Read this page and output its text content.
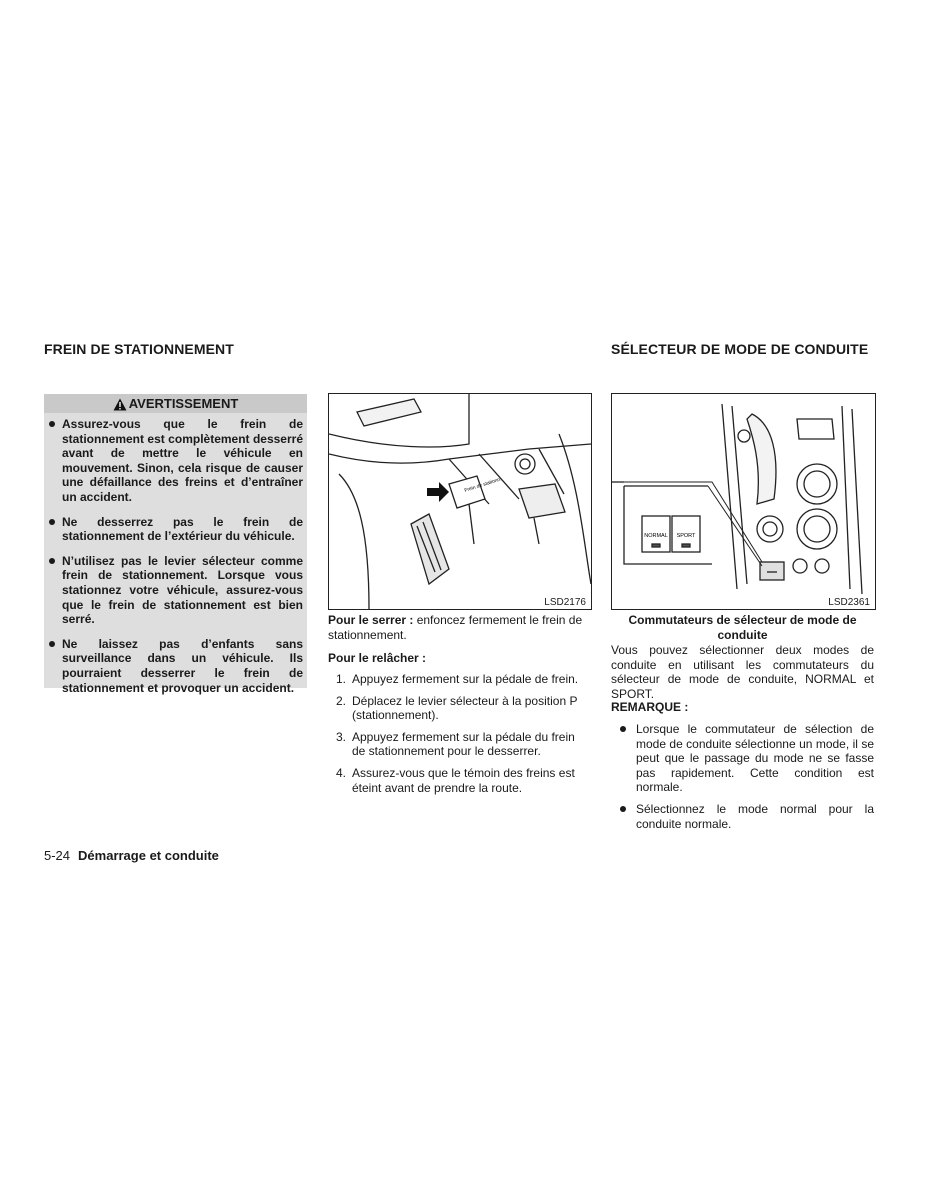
FREIN DE STATIONNEMENT	SÉLECTEUR DE MODE DE CONDUITE
AVERTISSEMENT
Assurez-vous que le frein de stationnement est complètement desserré avant de mettre le véhicule en mouvement. Sinon, cela risque de causer une défaillance des freins et d’entraîner un accident.
Ne desserrez pas le frein de stationnement de l’extérieur du véhicule.
N’utilisez pas le levier sélecteur comme frein de stationnement. Lorsque vous stationnez votre véhicule, assurez-vous que le frein de stationnement est bien serré.
Ne laissez pas d’enfants sans surveillance dans un véhicule. Ils pourraient desserrer le frein de stationnement et provoquer un accident.
Frein de stationn.
LSD2176
Pour le serrer : enfoncez fermement le frein de stationnement.
Pour le relâcher :
1. Appuyez fermement sur la pédale de frein.
2. Déplacez le levier sélecteur à la position P (stationnement).
3. Appuyez fermement sur la pédale du frein de stationnement pour le desserrer.
4. Assurez-vous que le témoin des freins est éteint avant de prendre la route.
NORMAL SPORT
LSD2361
Commutateurs de sélecteur de mode de conduite
Vous pouvez sélectionner deux modes de conduite en utilisant les commutateurs du sélecteur de mode de conduite, NORMAL et SPORT.
REMARQUE :
Lorsque le commutateur de sélection de mode de conduite sélectionne un mode, il se peut que le passage du mode ne se fasse pas rapidement. Cette condition est normale.
Sélectionnez le mode normal pour la conduite normale.
5-24 Démarrage et conduite
